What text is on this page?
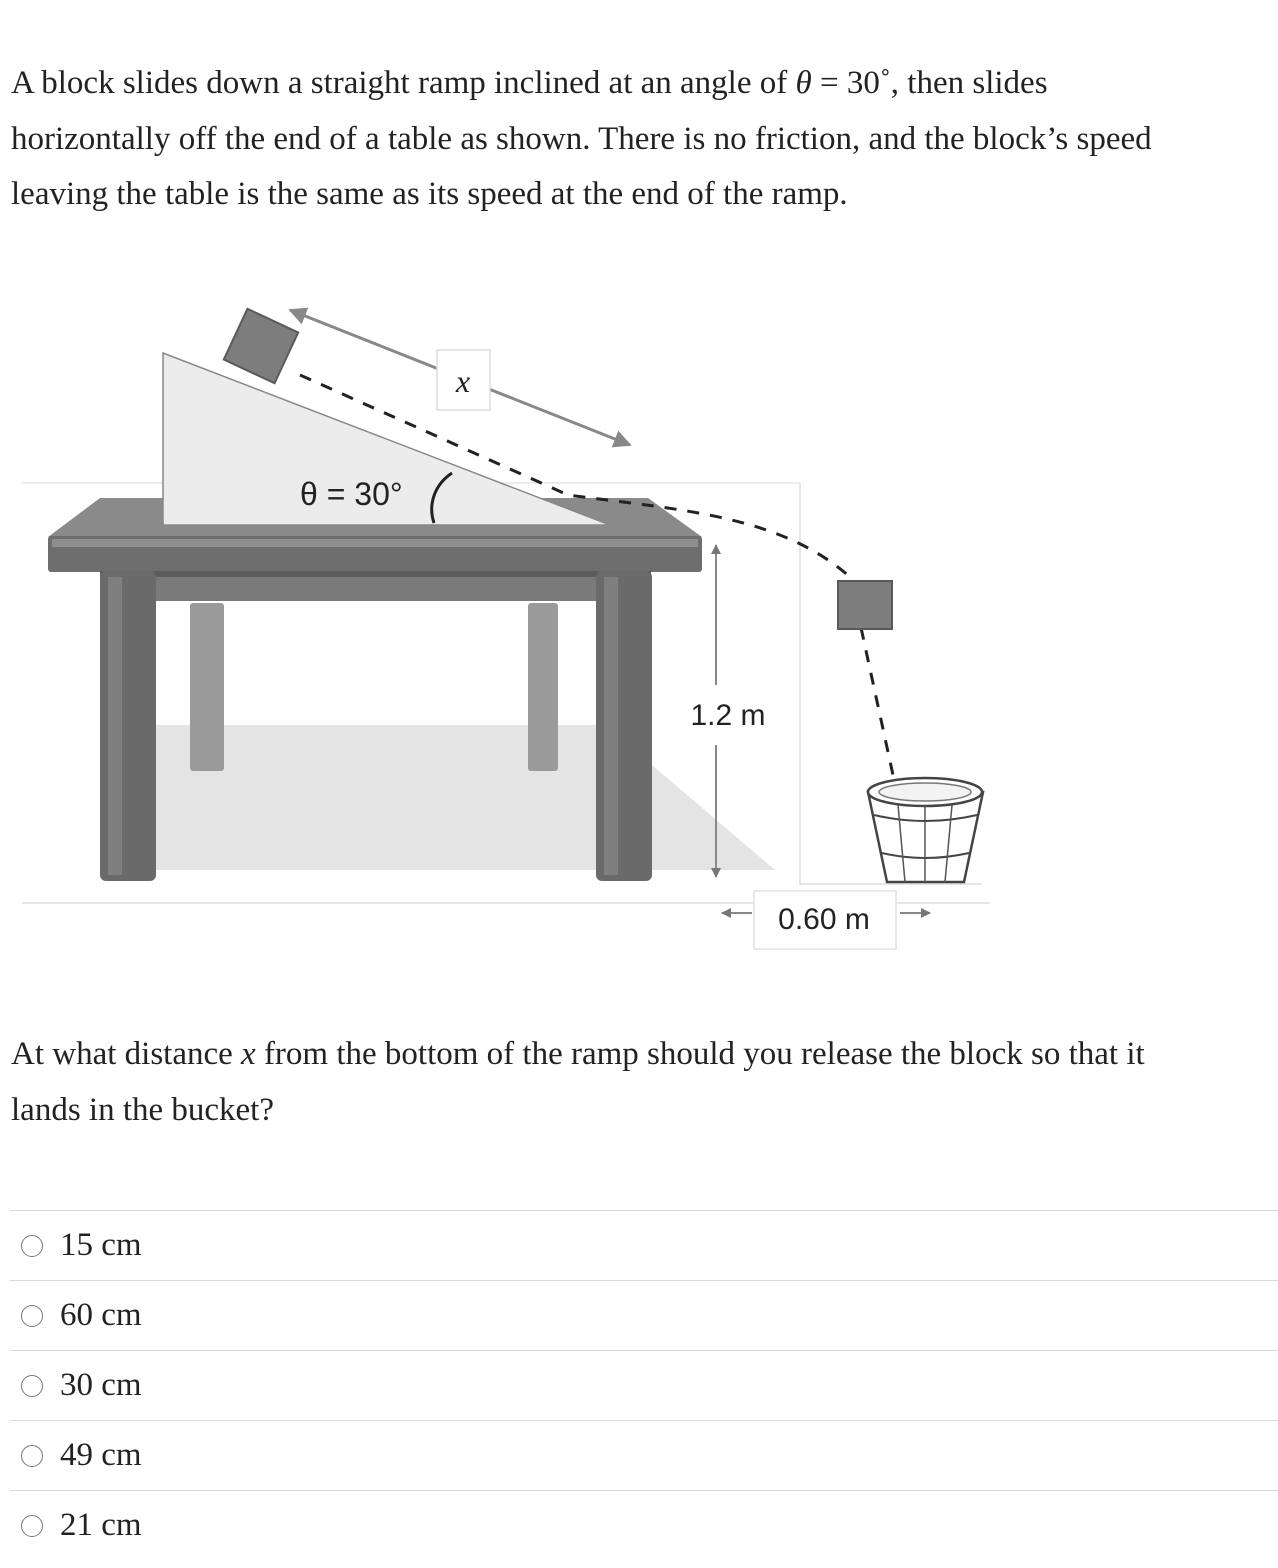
A block slides down a straight ramp inclined at an angle of θ = 30˚, then slides

horizontally off the end of a table as shown. There is no friction, and the block’s speed

leaving the table is the same as its speed at the end of the ramp.

x
θ = 30°
1.2 m
0.60 m

At what distance x from the bottom of the ramp should you release the block so that it

lands in the bucket?

15 cm
60 cm
30 cm
49 cm
21 cm
